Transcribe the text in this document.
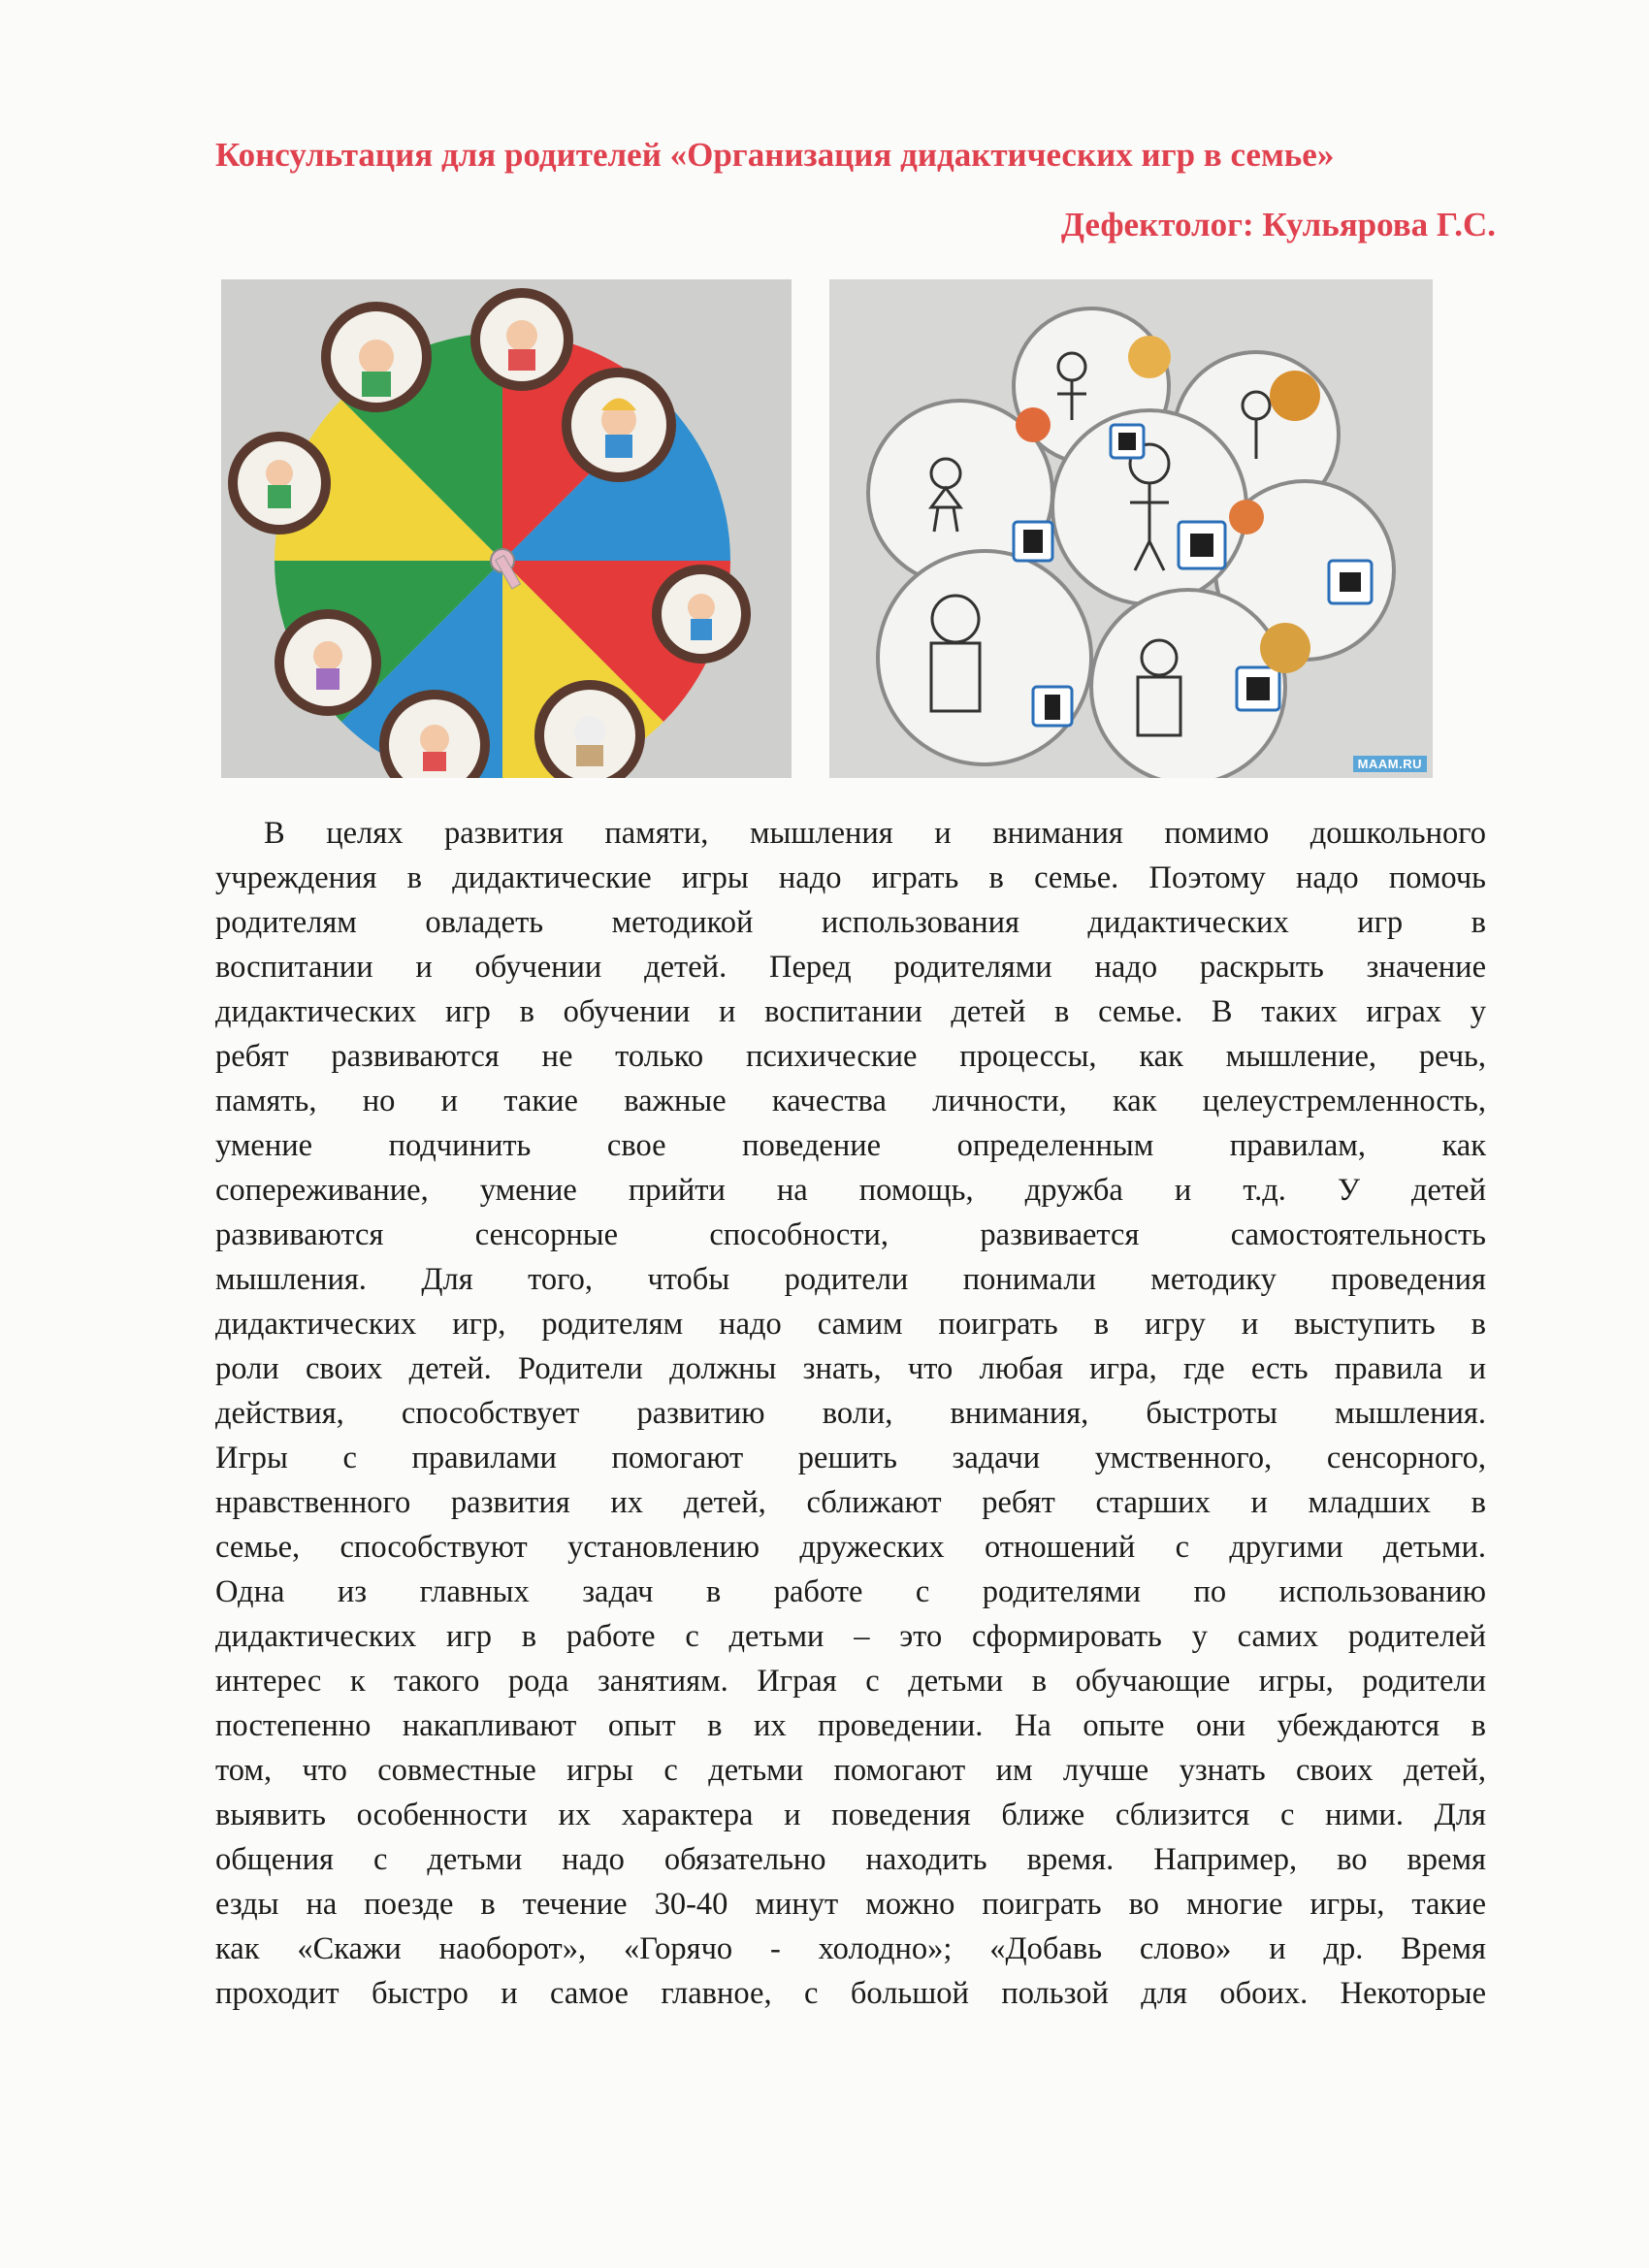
Консультация для родителей «Организация дидактических игр в семье»
Дефектолог: Кульярова Г.С.
MAAM.RU
В целях развития памяти, мышления и внимания помимо дошкольного
учреждения в дидактические игры надо играть в семье. Поэтому надо помочь
родителям овладеть методикой использования дидактических игр в
воспитании и обучении детей. Перед родителями надо раскрыть значение
дидактических игр в обучении и воспитании детей в семье. В таких играх у
ребят развиваются не только психические процессы, как мышление, речь,
память, но и такие важные качества личности, как целеустремленность,
умение подчинить свое поведение определенным правилам, как
сопереживание, умение прийти на помощь, дружба и т.д. У детей
развиваются сенсорные способности, развивается самостоятельность
мышления. Для того, чтобы родители понимали методику проведения
дидактических игр, родителям надо самим поиграть в игру и выступить в
роли своих детей. Родители должны знать, что любая игра, где есть правила и
действия, способствует развитию воли, внимания, быстроты мышления.
Игры с правилами помогают решить задачи умственного, сенсорного,
нравственного развития их детей, сближают ребят старших и младших в
семье, способствуют установлению дружеских отношений с другими детьми.
Одна из главных задач в работе с родителями по использованию
дидактических игр в работе с детьми – это сформировать у самих родителей
интерес к такого рода занятиям. Играя с детьми в обучающие игры, родители
постепенно накапливают опыт в их проведении. На опыте они убеждаются в
том, что совместные игры с детьми помогают им лучше узнать своих детей,
выявить особенности их характера и поведения ближе сблизится с ними. Для
общения с детьми надо обязательно находить время. Например, во время
езды на поезде в течение 30-40 минут можно поиграть во многие игры, такие
как «Скажи наоборот», «Горячо - холодно»; «Добавь слово» и др. Время
проходит быстро и самое главное, с большой пользой для обоих. Некоторые
